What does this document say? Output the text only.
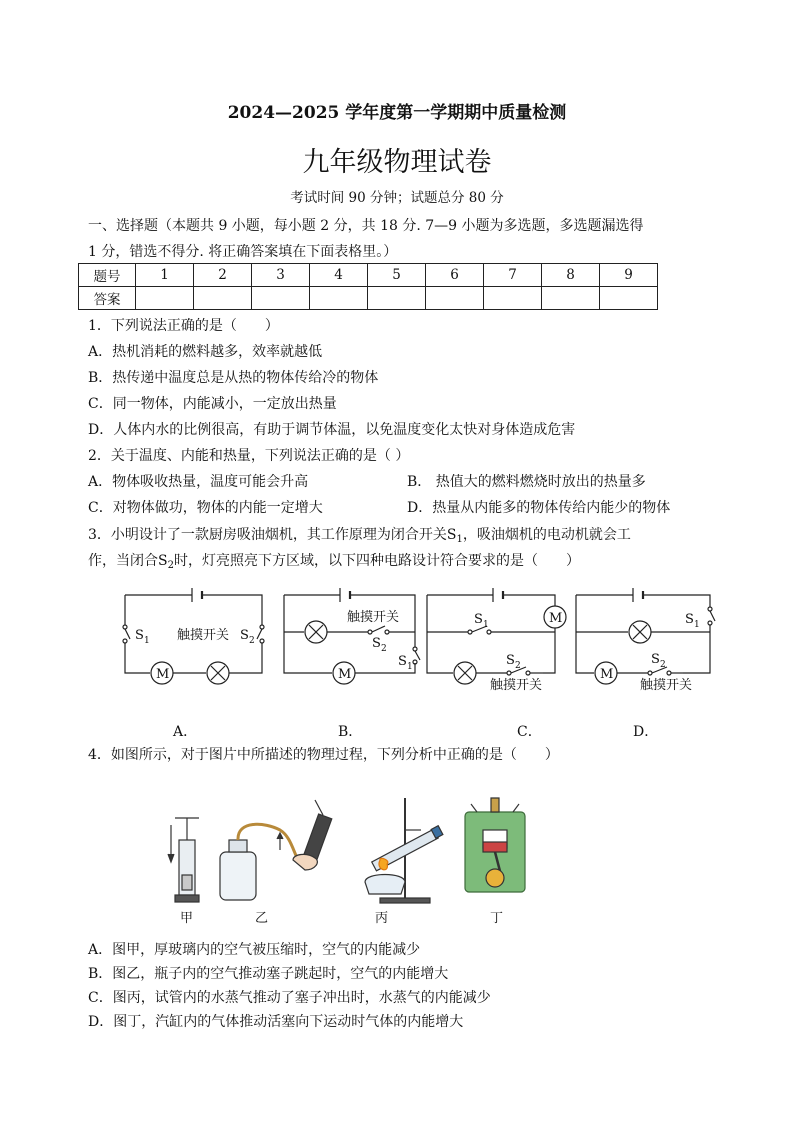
2024—2025 学年度第一学期期中质量检测
九年级物理试卷
考试时间 90 分钟；试题总分 80 分
一、选择题（本题共 9 小题，每小题 2 分，共 18 分. 7—9 小题为多选题，多选题漏选得
1 分，错选不得分. 将正确答案填在下面表格里。）
题号	1	2	3	4	5	6	7	8	9
答案									
1．下列说法正确的是（　　）
A．热机消耗的燃料越多，效率就越低
B．热传递中温度总是从热的物体传给冷的物体
C．同一物体，内能减小，一定放出热量
D．人体内水的比例很高，有助于调节体温，以免温度变化太快对身体造成危害
2．关于温度、内能和热量，下列说法正确的是（ ）
A．物体吸收热量，温度可能会升高	B． 热值大的燃料燃烧时放出的热量多
C．对物体做功，物体的内能一定增大	D．热量从内能多的物体传给内能少的物体
3．小明设计了一款厨房吸油烟机，其工作原理为闭合开关$S_1$，吸油烟机的电动机就会工
作，当闭合$S_2$时，灯亮照亮下方区域，以下四种电路设计符合要求的是（　　）
S 1 触摸开关 S 2
M
触摸开关
S 2
S 1
M
S 1	M
S 2
触摸开关
S 1
S 2
M
触摸开关
A．	B．	C．	D．
4．如图所示，对于图片中所描述的物理过程，下列分析中正确的是（　　）
甲	乙	丙	丁
A．图甲，厚玻璃内的空气被压缩时，空气的内能减少
B．图乙，瓶子内的空气推动塞子跳起时，空气的内能增大
C．图丙，试管内的水蒸气推动了塞子冲出时，水蒸气的内能减少
D．图丁，汽缸内的气体推动活塞向下运动时气体的内能增大
